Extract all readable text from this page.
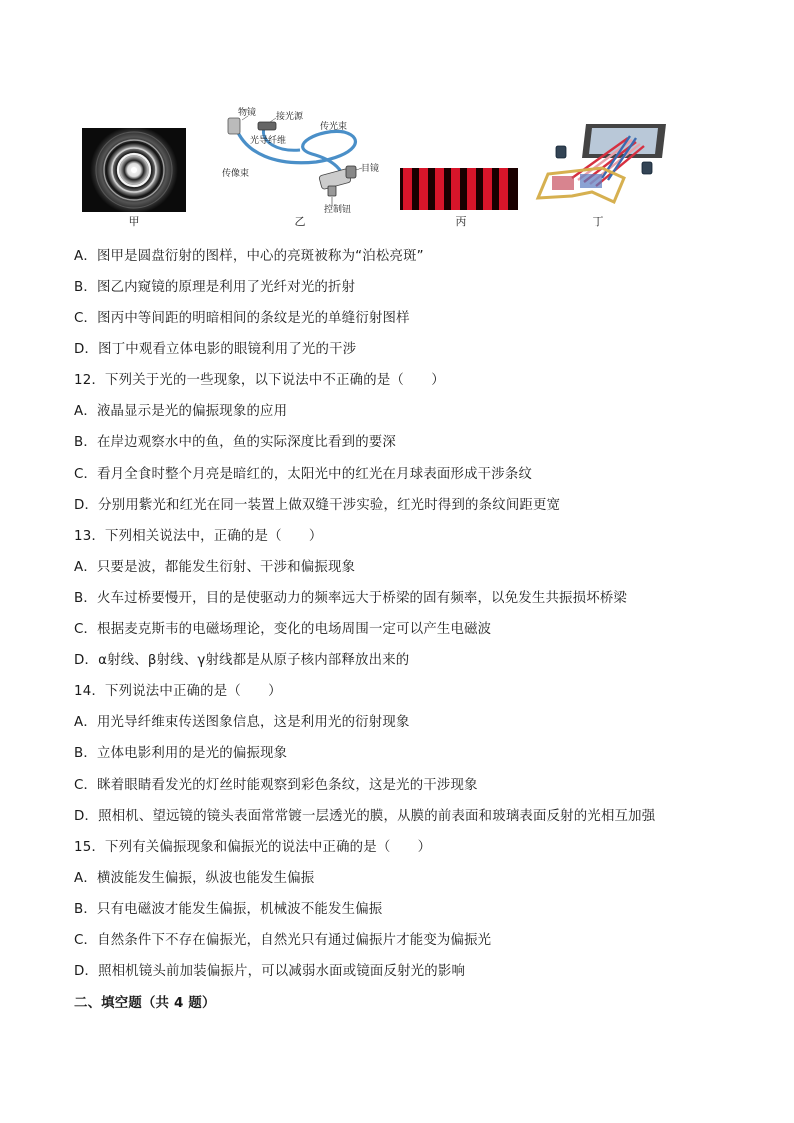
甲
物镜 接光源
传光束
光导纤维
目镜
传像束
控制钮
乙	丙	丁
A．图甲是圆盘衍射的图样，中心的亮斑被称为“泊松亮斑”
B．图乙内窥镜的原理是利用了光纤对光的折射
C．图丙中等间距的明暗相间的条纹是光的单缝衍射图样
D．图丁中观看立体电影的眼镜利用了光的干涉
12．下列关于光的一些现象，以下说法中不正确的是（　　）
A．液晶显示是光的偏振现象的应用
B．在岸边观察水中的鱼，鱼的实际深度比看到的要深
C．看月全食时整个月亮是暗红的，太阳光中的红光在月球表面形成干涉条纹
D．分别用紫光和红光在同一装置上做双缝干涉实验，红光时得到的条纹间距更宽
13．下列相关说法中，正确的是（　　）
A．只要是波，都能发生衍射、干涉和偏振现象
B．火车过桥要慢开，目的是使驱动力的频率远大于桥梁的固有频率，以免发生共振损坏桥梁
C．根据麦克斯韦的电磁场理论，变化的电场周围一定可以产生电磁波
D．α射线、β射线、γ射线都是从原子核内部释放出来的
14．下列说法中正确的是（　　）
A．用光导纤维束传送图象信息，这是利用光的衍射现象
B．立体电影利用的是光的偏振现象
C．眯着眼睛看发光的灯丝时能观察到彩色条纹，这是光的干涉现象
D．照相机、望远镜的镜头表面常常镀一层透光的膜，从膜的前表面和玻璃表面反射的光相互加强
15．下列有关偏振现象和偏振光的说法中正确的是（　　）
A．横波能发生偏振，纵波也能发生偏振
B．只有电磁波才能发生偏振，机械波不能发生偏振
C．自然条件下不存在偏振光，自然光只有通过偏振片才能变为偏振光
D．照相机镜头前加装偏振片，可以减弱水面或镜面反射光的影响
二、填空题（共 4 题）
